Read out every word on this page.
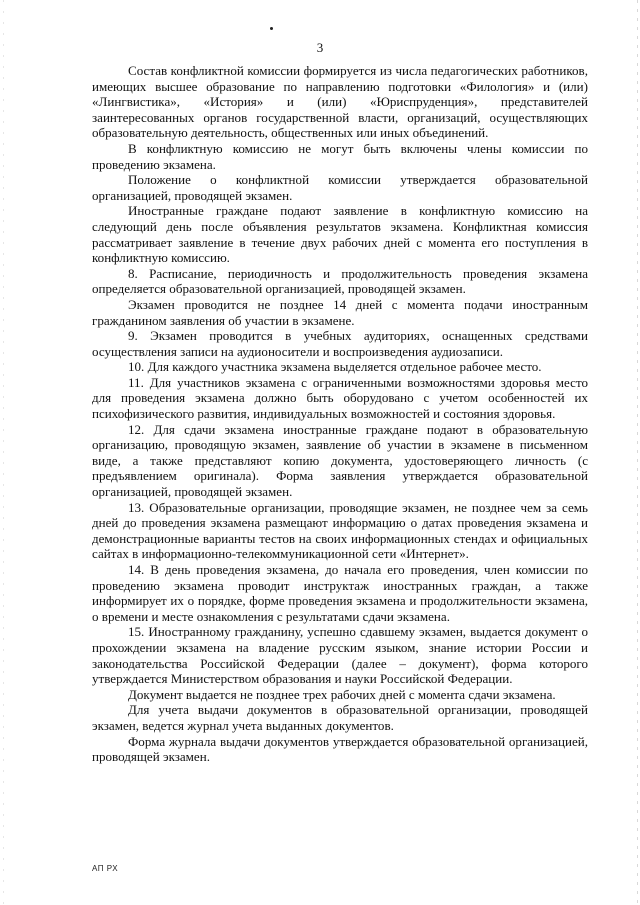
3

Состав конфликтной комиссии формируется из числа педагогических работников, имеющих высшее образование по направлению подготовки «Филология» и (или) «Лингвистика», «История» и (или) «Юриспруденция», представителей заинтересованных органов государственной власти, организаций, осуществляющих образовательную деятельность, общественных или иных объединений.

В конфликтную комиссию не могут быть включены члены комиссии по проведению экзамена.

Положение о конфликтной комиссии утверждается образовательной организацией, проводящей экзамен.

Иностранные граждане подают заявление в конфликтную комиссию на следующий день после объявления результатов экзамена. Конфликтная комиссия рассматривает заявление в течение двух рабочих дней с момента его поступления в конфликтную комиссию.

8. Расписание, периодичность и продолжительность проведения экзамена определяется образовательной организацией, проводящей экзамен.

Экзамен проводится не позднее 14 дней с момента подачи иностранным гражданином заявления об участии в экзамене.

9. Экзамен проводится в учебных аудиториях, оснащенных средствами осуществления записи на аудионосители и воспроизведения аудиозаписи.

10. Для каждого участника экзамена выделяется отдельное рабочее место.

11. Для участников экзамена с ограниченными возможностями здоровья место для проведения экзамена должно быть оборудовано с учетом особенностей их психофизического развития, индивидуальных возможностей и состояния здоровья.

12. Для сдачи экзамена иностранные граждане подают в образовательную организацию, проводящую экзамен, заявление об участии в экзамене в письменном виде, а также представляют копию документа, удостоверяющего личность (с предъявлением оригинала). Форма заявления утверждается образовательной организацией, проводящей экзамен.

13. Образовательные организации, проводящие экзамен, не позднее чем за семь дней до проведения экзамена размещают информацию о датах проведения экзамена и демонстрационные варианты тестов на своих информационных стендах и официальных сайтах в информационно-телекоммуникационной сети «Интернет».

14. В день проведения экзамена, до начала его проведения, член комиссии по проведению экзамена проводит инструктаж иностранных граждан, а также информирует их о порядке, форме проведения экзамена и продолжительности экзамена, о времени и месте ознакомления с результатами сдачи экзамена.

15. Иностранному гражданину, успешно сдавшему экзамен, выдается документ о прохождении экзамена на владение русским языком, знание истории России и законодательства Российской Федерации (далее – документ), форма которого утверждается Министерством образования и науки Российской Федерации.

Документ выдается не позднее трех рабочих дней с момента сдачи экзамена.

Для учета выдачи документов в образовательной организации, проводящей экзамен, ведется журнал учета выданных документов.

Форма журнала выдачи документов утверждается образовательной организацией, проводящей экзамен.

АП РХ
